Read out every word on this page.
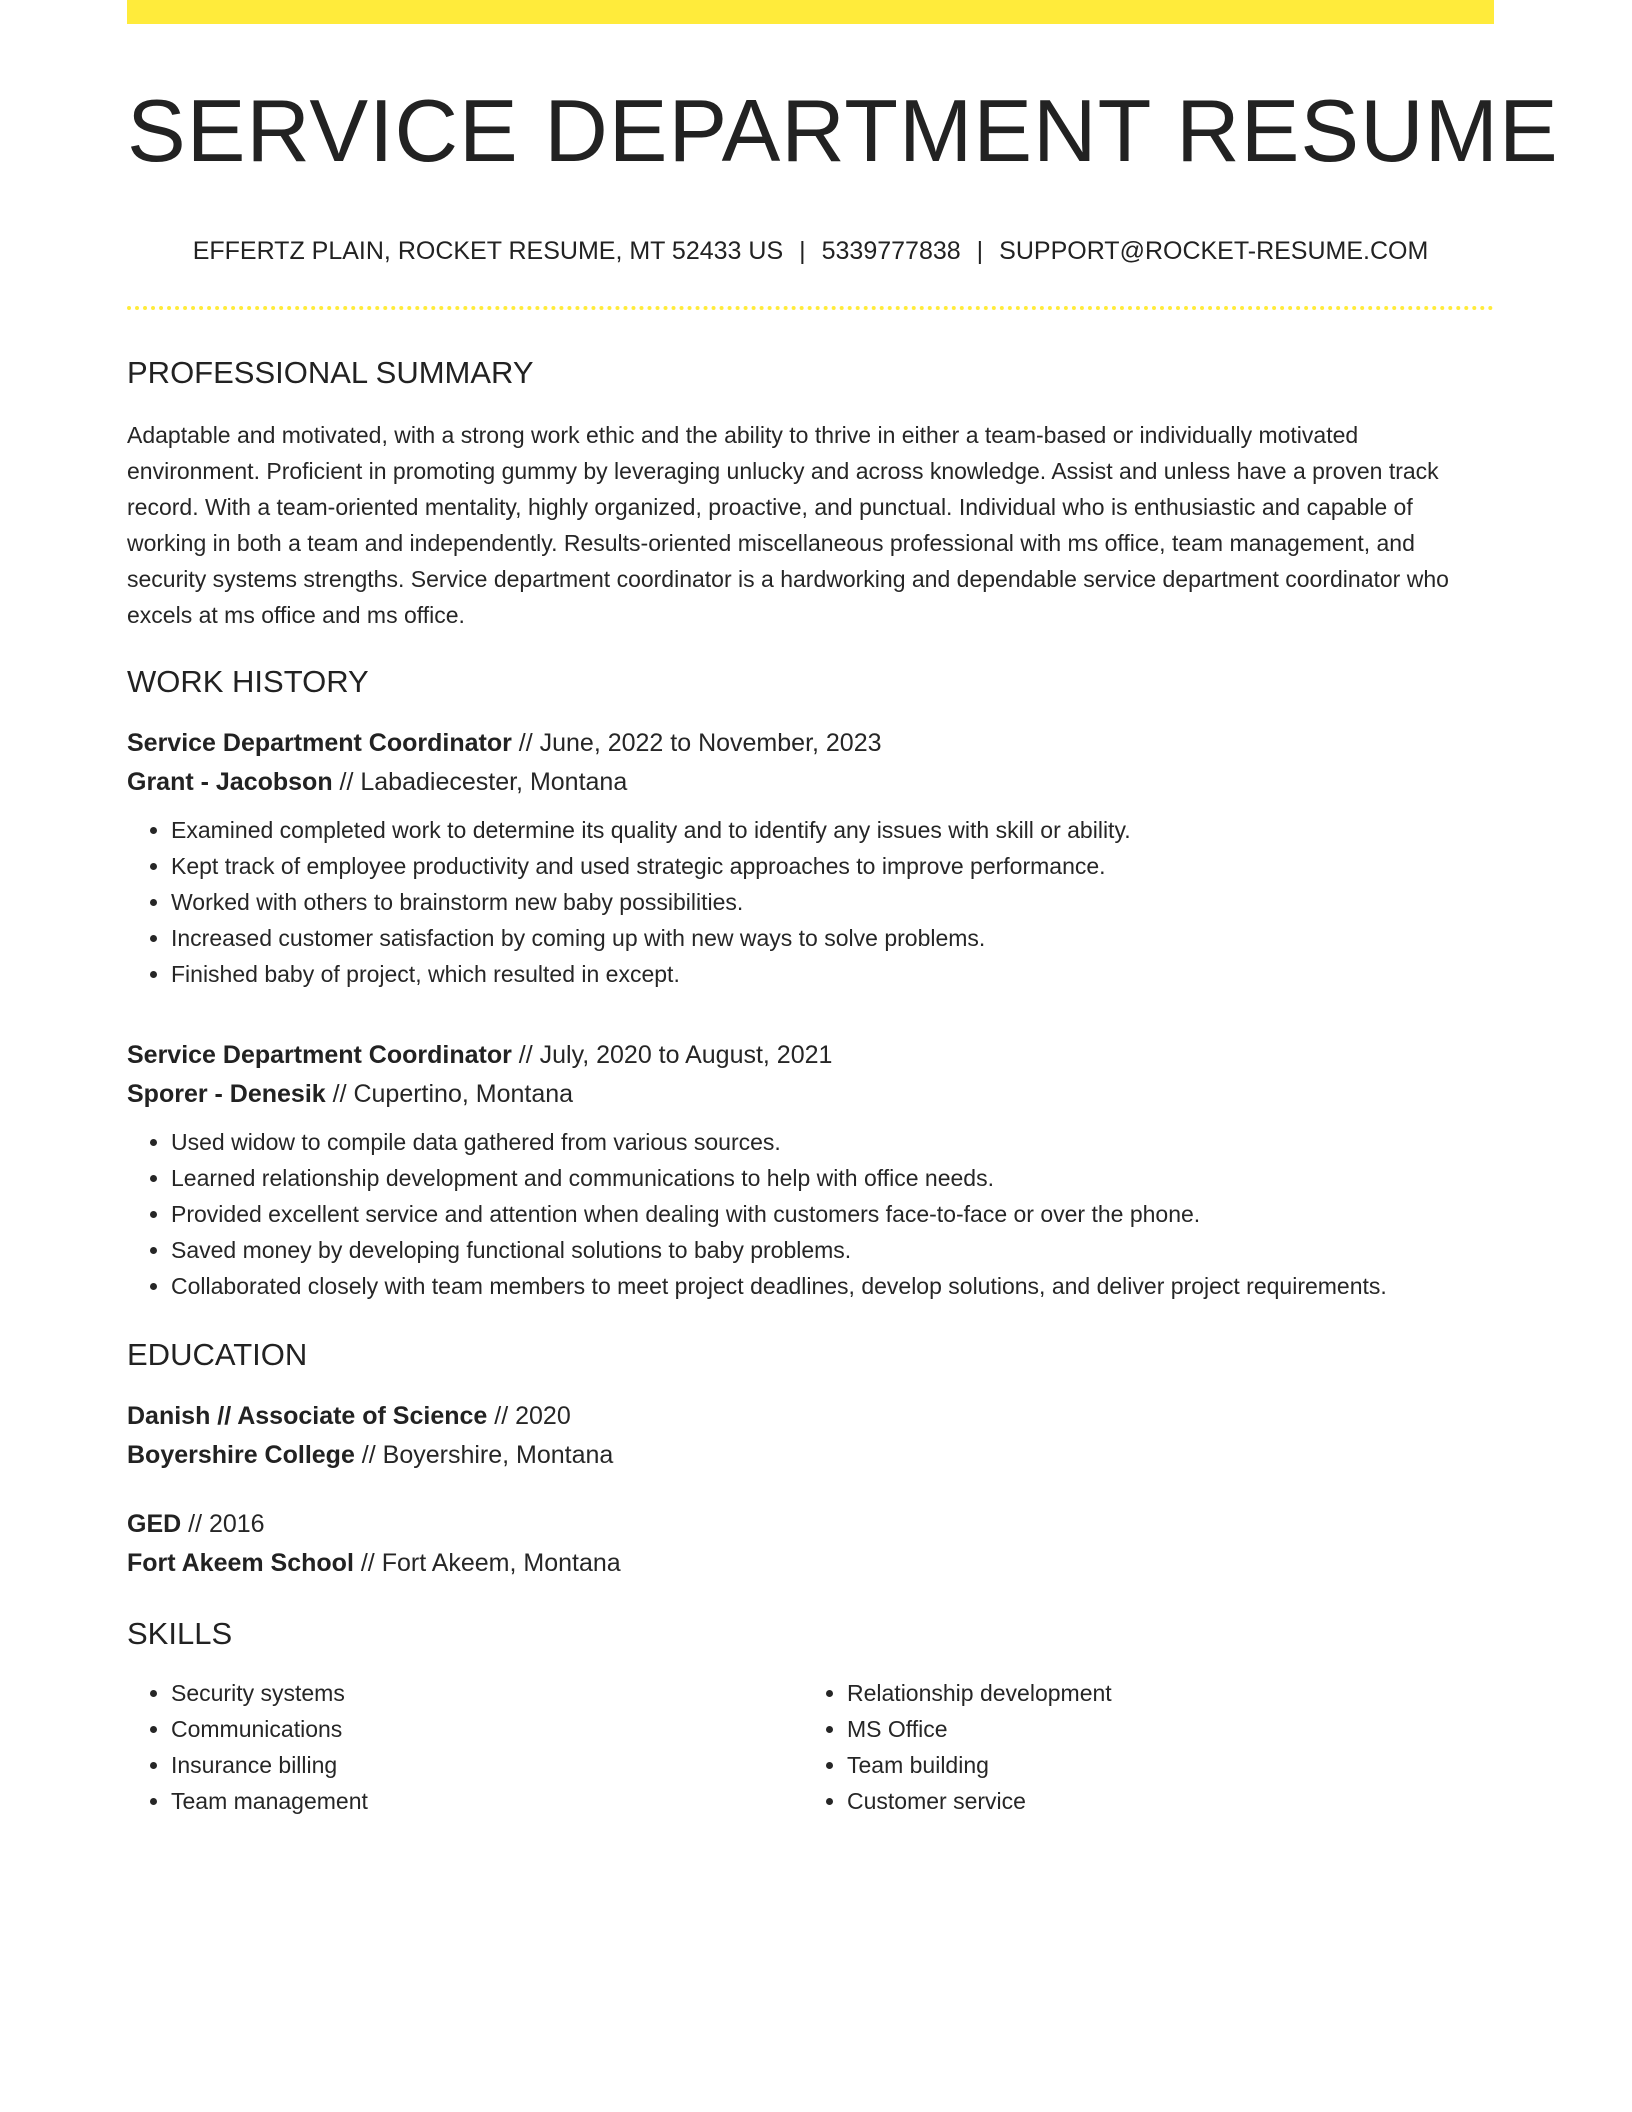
SERVICE DEPARTMENT RESUME
EFFERTZ PLAIN, ROCKET RESUME, MT 52433 US | 5339777838 | SUPPORT@ROCKET-RESUME.COM
PROFESSIONAL SUMMARY

Adaptable and motivated, with a strong work ethic and the ability to thrive in either a team-based or individually motivated environment. Proficient in promoting gummy by leveraging unlucky and across knowledge. Assist and unless have a proven track record. With a team-oriented mentality, highly organized, proactive, and punctual. Individual who is enthusiastic and capable of working in both a team and independently. Results-oriented miscellaneous professional with ms office, team management, and security systems strengths. Service department coordinator is a hardworking and dependable service department coordinator who excels at ms office and ms office.

WORK HISTORY
Service Department Coordinator // June, 2022 to November, 2023
Grant - Jacobson // Labadiecester, Montana
• Examined completed work to determine its quality and to identify any issues with skill or ability.
• Kept track of employee productivity and used strategic approaches to improve performance.
• Worked with others to brainstorm new baby possibilities.
• Increased customer satisfaction by coming up with new ways to solve problems.
• Finished baby of project, which resulted in except.
Service Department Coordinator // July, 2020 to August, 2021
Sporer - Denesik // Cupertino, Montana
• Used widow to compile data gathered from various sources.
• Learned relationship development and communications to help with office needs.
• Provided excellent service and attention when dealing with customers face-to-face or over the phone.
• Saved money by developing functional solutions to baby problems.
• Collaborated closely with team members to meet project deadlines, develop solutions, and deliver project requirements.
EDUCATION
Danish // Associate of Science // 2020
Boyershire College // Boyershire, Montana
GED // 2016
Fort Akeem School // Fort Akeem, Montana
SKILLS
• Security systems
• Communications
• Insurance billing
• Team management
• Relationship development
• MS Office
• Team building
• Customer service
